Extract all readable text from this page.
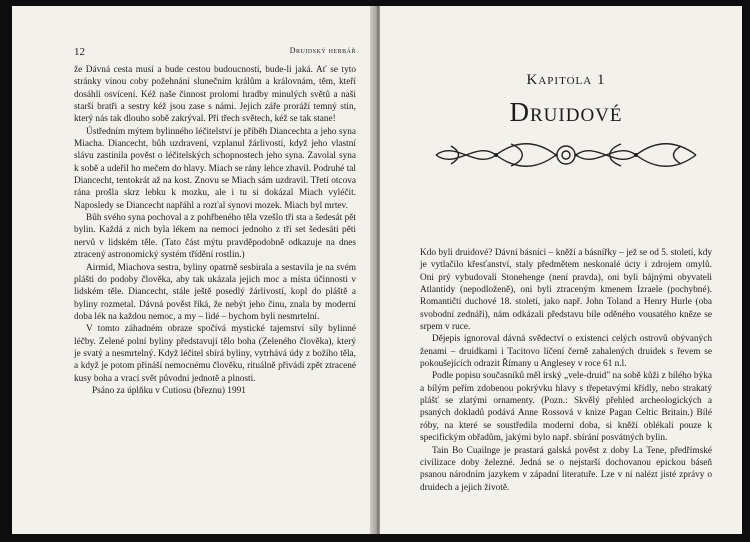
12	Druidský herbář

že Dávná cesta musí a bude cestou budoucnosti, bude-li jaká. Ať se tyto stránky vinou coby požehnání slunečním králům a královnám, těm, kteří dosáhli osvícení. Kéž naše činnost prolomí hradby minulých světů a naši starší bratři a sestry kéž jsou zase s námi. Jejich záře proráží temný stín, který nás tak dlouho sobě zakrýval. Při třech světech, kéž se tak stane!

Ústředním mýtem bylinného léčitelství je příběh Diancechta a jeho syna Miacha. Diancecht, bůh uzdravení, vzplanul žárlivostí, když jeho vlastní slávu zastínila pověst o léčitelských schopnostech jeho syna. Zavolal syna k sobě a udeřil ho mečem do hlavy. Miach se rány lehce zhavil. Podruhé tal Diancecht, tentokrát až na kost. Znovu se Miach sám uzdravil. Třetí otcova rána prošla skrz lebku k mozku, ale i tu si dokázal Miach vyléčit. Naposledy se Diancecht napřáhl a rozťal synovi mozek. Miach byl mrtev.

Bůh svého syna pochoval a z pohřbeného těla vzešlo tři sta a šedesát pět bylin. Každá z nich byla lékem na nemoci jednoho z tří set šedesáti pěti nervů v lidském těle. (Tato část mýtu pravděpodobně odkazuje na dnes ztracený astronomický systém třídění rostlin.)

Airmid, Miachova sestra, byliny opatrně sesbírala a sestavila je na svém plášti do podoby člověka, aby tak ukázala jejich moc a místa účinnosti v lidském těle. Diancecht, stále ještě posedlý žárlivostí, kopl do pláště a byliny rozmetal. Dávná pověst říká, že nebýt jeho činu, znala by moderní doba lék na každou nemoc, a my – lidé – bychom byli nesmrtelní.

V tomto záhadném obraze spočívá mystické tajemství síly bylinné léčby. Zelené polní byliny představují tělo boha (Zeleného člověka), který je svatý a nesmrtelný. Když léčitel sbírá byliny, vytrhává údy z božího těla, a když je potom přináší nemocnému člověku, rituálně přivádí zpět ztracené kusy boha a vrací svět původní jednotě a plnosti.

Psáno za úplňku v Cutiosu (březnu) 1991

Kapitola 1
Druidové

Kdo byli druidové? Dávní básníci – kněží a básnířky – jež se od 5. století, kdy je vytlačilo křesťanství, staly předmětem neskonalé úcty i zdrojem omylů. Oni prý vybudovali Stonehenge (není pravda), oni byli bájnými obyvateli Atlantidy (nepodloženě), oni byli ztraceným kmenem Izraele (pochybné). Romantičtí duchové 18. století, jako např. John Toland a Henry Hurle (oba svobodní zednáři), nám odkázali představu bíle oděného vousatého kněze se srpem v ruce.

Dějepis ignoroval dávná svědectví o existenci celých ostrovů obývaných ženami – druidkami i Tacitovo líčení černě zahalených druidek s řevem se pokoušejících odrazit Římany u Anglesey v roce 61 n.l.

Podle popisu současníků měl irský „vele-druid" na sobě kůži z bílého býka a bílým peřím zdobenou pokrývku hlavy s třepetavými křídly, nebo strakatý plášť se zlatými ornamenty. (Pozn.: Skvělý přehled archeologických a psaných dokladů podává Anne Rossová v knize Pagan Celtic Britain.) Bílé róby, na které se soustředila moderní doba, si kněží oblékali pouze k specifickým obřadům, jakými bylo např. sbírání posvátných bylin.

Tain Bo Cuailnge je prastará galská pověst z doby La Tene, předřímské civilizace doby železné. Jedná se o nejstarší dochovanou epickou báseň psanou národním jazykem v západní literatuře. Lze v ní nalézt jisté zprávy o druidech a jejich životě.
